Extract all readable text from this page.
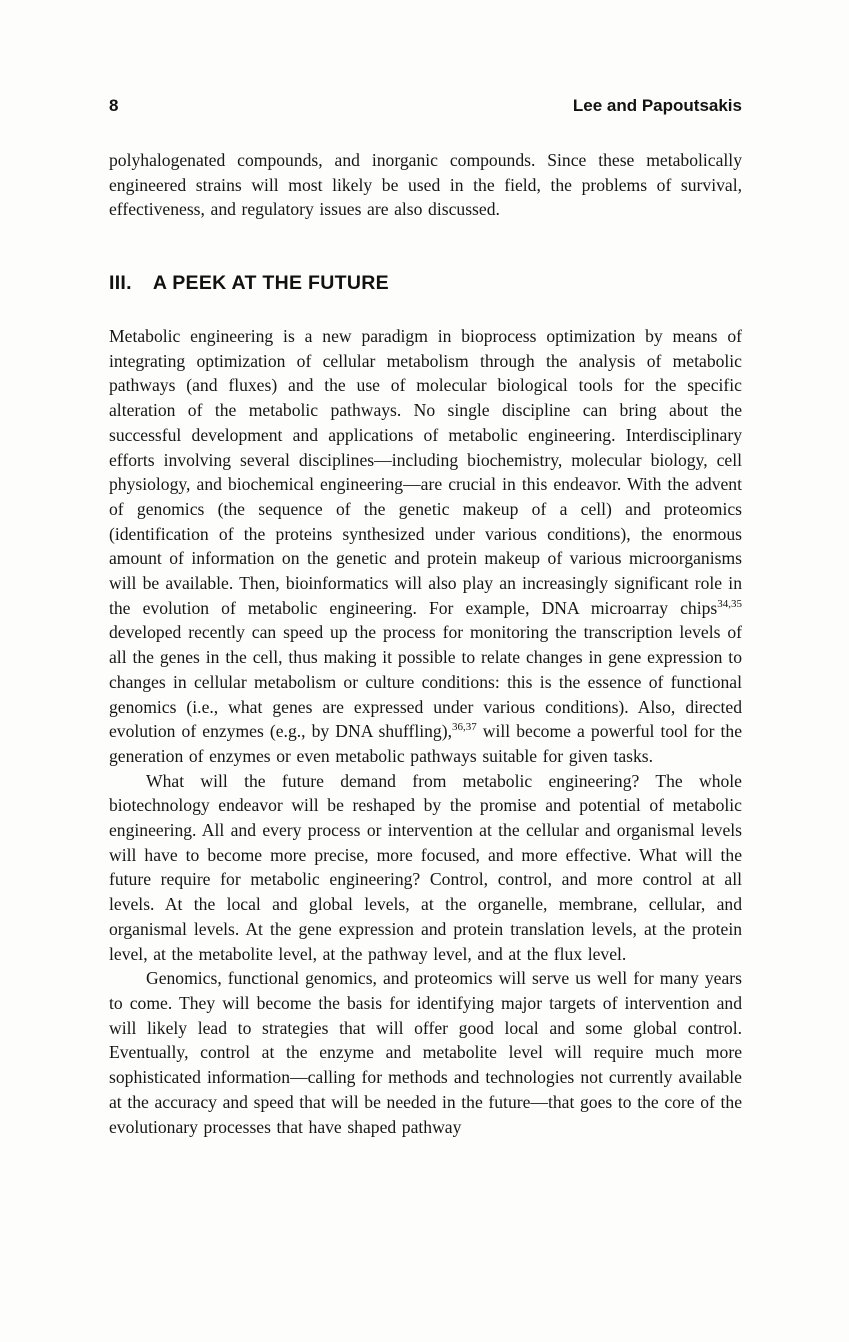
8	Lee and Papoutsakis

polyhalogenated compounds, and inorganic compounds. Since these metabolically engineered strains will most likely be used in the field, the problems of survival, effectiveness, and regulatory issues are also discussed.

III. A PEEK AT THE FUTURE

Metabolic engineering is a new paradigm in bioprocess optimization by means of integrating optimization of cellular metabolism through the analysis of metabolic pathways (and fluxes) and the use of molecular biological tools for the specific alteration of the metabolic pathways. No single discipline can bring about the successful development and applications of metabolic engineering. Interdisciplinary efforts involving several disciplines—including biochemistry, molecular biology, cell physiology, and biochemical engineering—are crucial in this endeavor. With the advent of genomics (the sequence of the genetic makeup of a cell) and proteomics (identification of the proteins synthesized under various conditions), the enormous amount of information on the genetic and protein makeup of various microorganisms will be available. Then, bioinformatics will also play an increasingly significant role in the evolution of metabolic engineering. For example, DNA microarray chips$^{34,35}$ developed recently can speed up the process for monitoring the transcription levels of all the genes in the cell, thus making it possible to relate changes in gene expression to changes in cellular metabolism or culture conditions: this is the essence of functional genomics (i.e., what genes are expressed under various conditions). Also, directed evolution of enzymes (e.g., by DNA shuffling),$^{36,37}$ will become a powerful tool for the generation of enzymes or even metabolic pathways suitable for given tasks.

What will the future demand from metabolic engineering? The whole biotechnology endeavor will be reshaped by the promise and potential of metabolic engineering. All and every process or intervention at the cellular and organismal levels will have to become more precise, more focused, and more effective. What will the future require for metabolic engineering? Control, control, and more control at all levels. At the local and global levels, at the organelle, membrane, cellular, and organismal levels. At the gene expression and protein translation levels, at the protein level, at the metabolite level, at the pathway level, and at the flux level.

Genomics, functional genomics, and proteomics will serve us well for many years to come. They will become the basis for identifying major targets of intervention and will likely lead to strategies that will offer good local and some global control. Eventually, control at the enzyme and metabolite level will require much more sophisticated information—calling for methods and technologies not currently available at the accuracy and speed that will be needed in the future—that goes to the core of the evolutionary processes that have shaped pathway
